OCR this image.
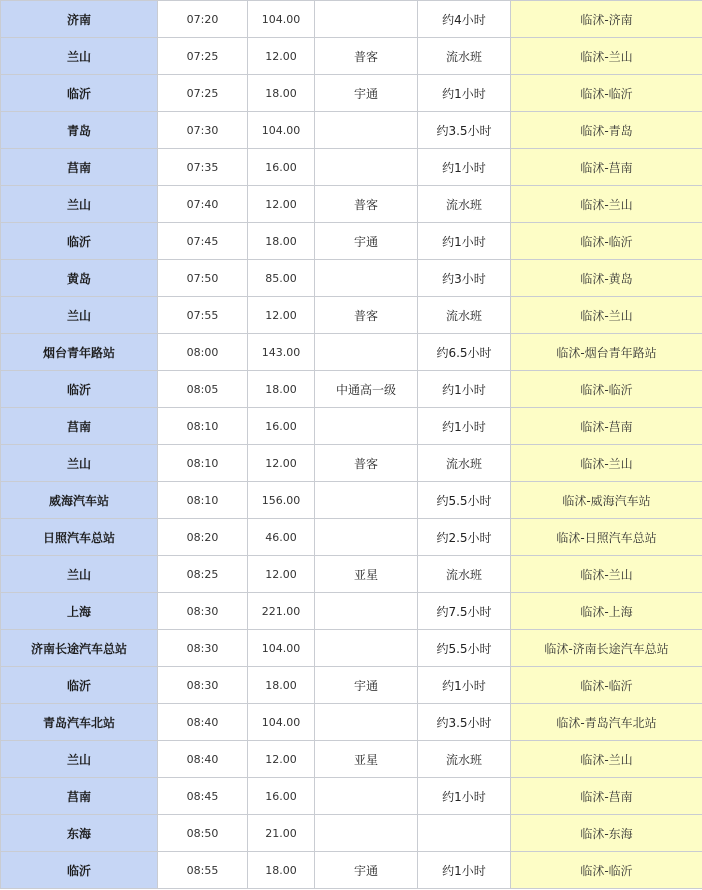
济南	07:20	104.00		约4小时	临沭-济南
兰山	07:25	12.00	普客	流水班	临沭-兰山
临沂	07:25	18.00	宇通	约1小时	临沭-临沂
青岛	07:30	104.00		约3.5小时	临沭-青岛
莒南	07:35	16.00		约1小时	临沭-莒南
兰山	07:40	12.00	普客	流水班	临沭-兰山
临沂	07:45	18.00	宇通	约1小时	临沭-临沂
黄岛	07:50	85.00		约3小时	临沭-黄岛
兰山	07:55	12.00	普客	流水班	临沭-兰山
烟台青年路站	08:00	143.00		约6.5小时	临沭-烟台青年路站
临沂	08:05	18.00	中通高一级	约1小时	临沭-临沂
莒南	08:10	16.00		约1小时	临沭-莒南
兰山	08:10	12.00	普客	流水班	临沭-兰山
威海汽车站	08:10	156.00		约5.5小时	临沭-威海汽车站
日照汽车总站	08:20	46.00		约2.5小时	临沭-日照汽车总站
兰山	08:25	12.00	亚星	流水班	临沭-兰山
上海	08:30	221.00		约7.5小时	临沭-上海
济南长途汽车总站	08:30	104.00		约5.5小时	临沭-济南长途汽车总站
临沂	08:30	18.00	宇通	约1小时	临沭-临沂
青岛汽车北站	08:40	104.00		约3.5小时	临沭-青岛汽车北站
兰山	08:40	12.00	亚星	流水班	临沭-兰山
莒南	08:45	16.00		约1小时	临沭-莒南
东海	08:50	21.00			临沭-东海
临沂	08:55	18.00	宇通	约1小时	临沭-临沂
